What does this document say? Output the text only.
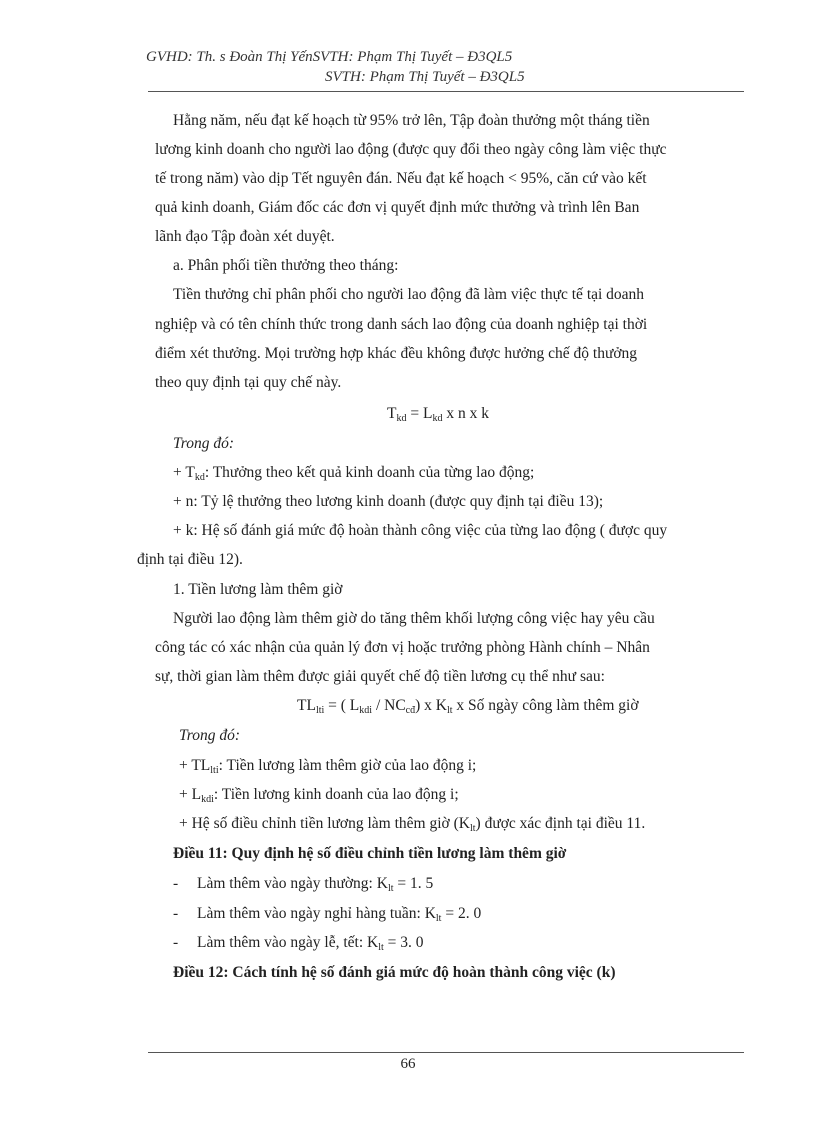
GVHD: Th. s Đoàn Thị YếnSVTH: Phạm Thị Tuyết – Đ3QL5
SVTH: Phạm Thị Tuyết – Đ3QL5
Hằng năm, nếu đạt kế hoạch từ 95% trở lên, Tập đoàn thưởng một tháng tiền
lương kinh doanh cho người lao động (được quy đổi theo ngày công làm việc thực
tế trong năm) vào dịp Tết nguyên đán. Nếu đạt kế hoạch < 95%, căn cứ vào kết
quả kinh doanh, Giám đốc các đơn vị quyết định mức thưởng và trình lên Ban
lãnh đạo Tập đoàn xét duyệt.
a. Phân phối tiền thưởng theo tháng:
Tiền thưởng chỉ phân phối cho người lao động đã làm việc thực tế tại doanh
nghiệp và có tên chính thức trong danh sách lao động của doanh nghiệp tại thời
điểm xét thưởng. Mọi trường hợp khác đều không được hưởng chế độ thưởng
theo quy định tại quy chế này.
$T_{kd} = L_{kd}$ x n x k
Trong đó:
+ $T_{kd}$: Thưởng theo kết quả kinh doanh của từng lao động;
+ n: Tỷ lệ thưởng theo lương kinh doanh (được quy định tại điều 13);
+ k: Hệ số đánh giá mức độ hoàn thành công việc của từng lao động ( được quy
định tại điều 12).
1. Tiền lương làm thêm giờ
Người lao động làm thêm giờ do tăng thêm khối lượng công việc hay yêu cầu
công tác có xác nhận của quản lý đơn vị hoặc trưởng phòng Hành chính – Nhân
sự, thời gian làm thêm được giải quyết chế độ tiền lương cụ thể như sau:
$TL_{lti}$ = ( $L_{kdi} / NC_{cđ}$) x $K_{lt}$ x Số ngày công làm thêm giờ
Trong đó:
+ $TL_{lti}$: Tiền lương làm thêm giờ của lao động i;
+ $L_{kdi}$: Tiền lương kinh doanh của lao động i;
+ Hệ số điều chỉnh tiền lương làm thêm giờ $(K_{lt})$ được xác định tại điều 11.
Điều 11: Quy định hệ số điều chỉnh tiền lương làm thêm giờ
- Làm thêm vào ngày thường: $K_{lt} = 1$. 5
- Làm thêm vào ngày nghỉ hàng tuần: $K_{lt} = 2$. 0
- Làm thêm vào ngày lễ, tết: $K_{lt} = 3$. 0
Điều 12: Cách tính hệ số đánh giá mức độ hoàn thành công việc (k)
66
